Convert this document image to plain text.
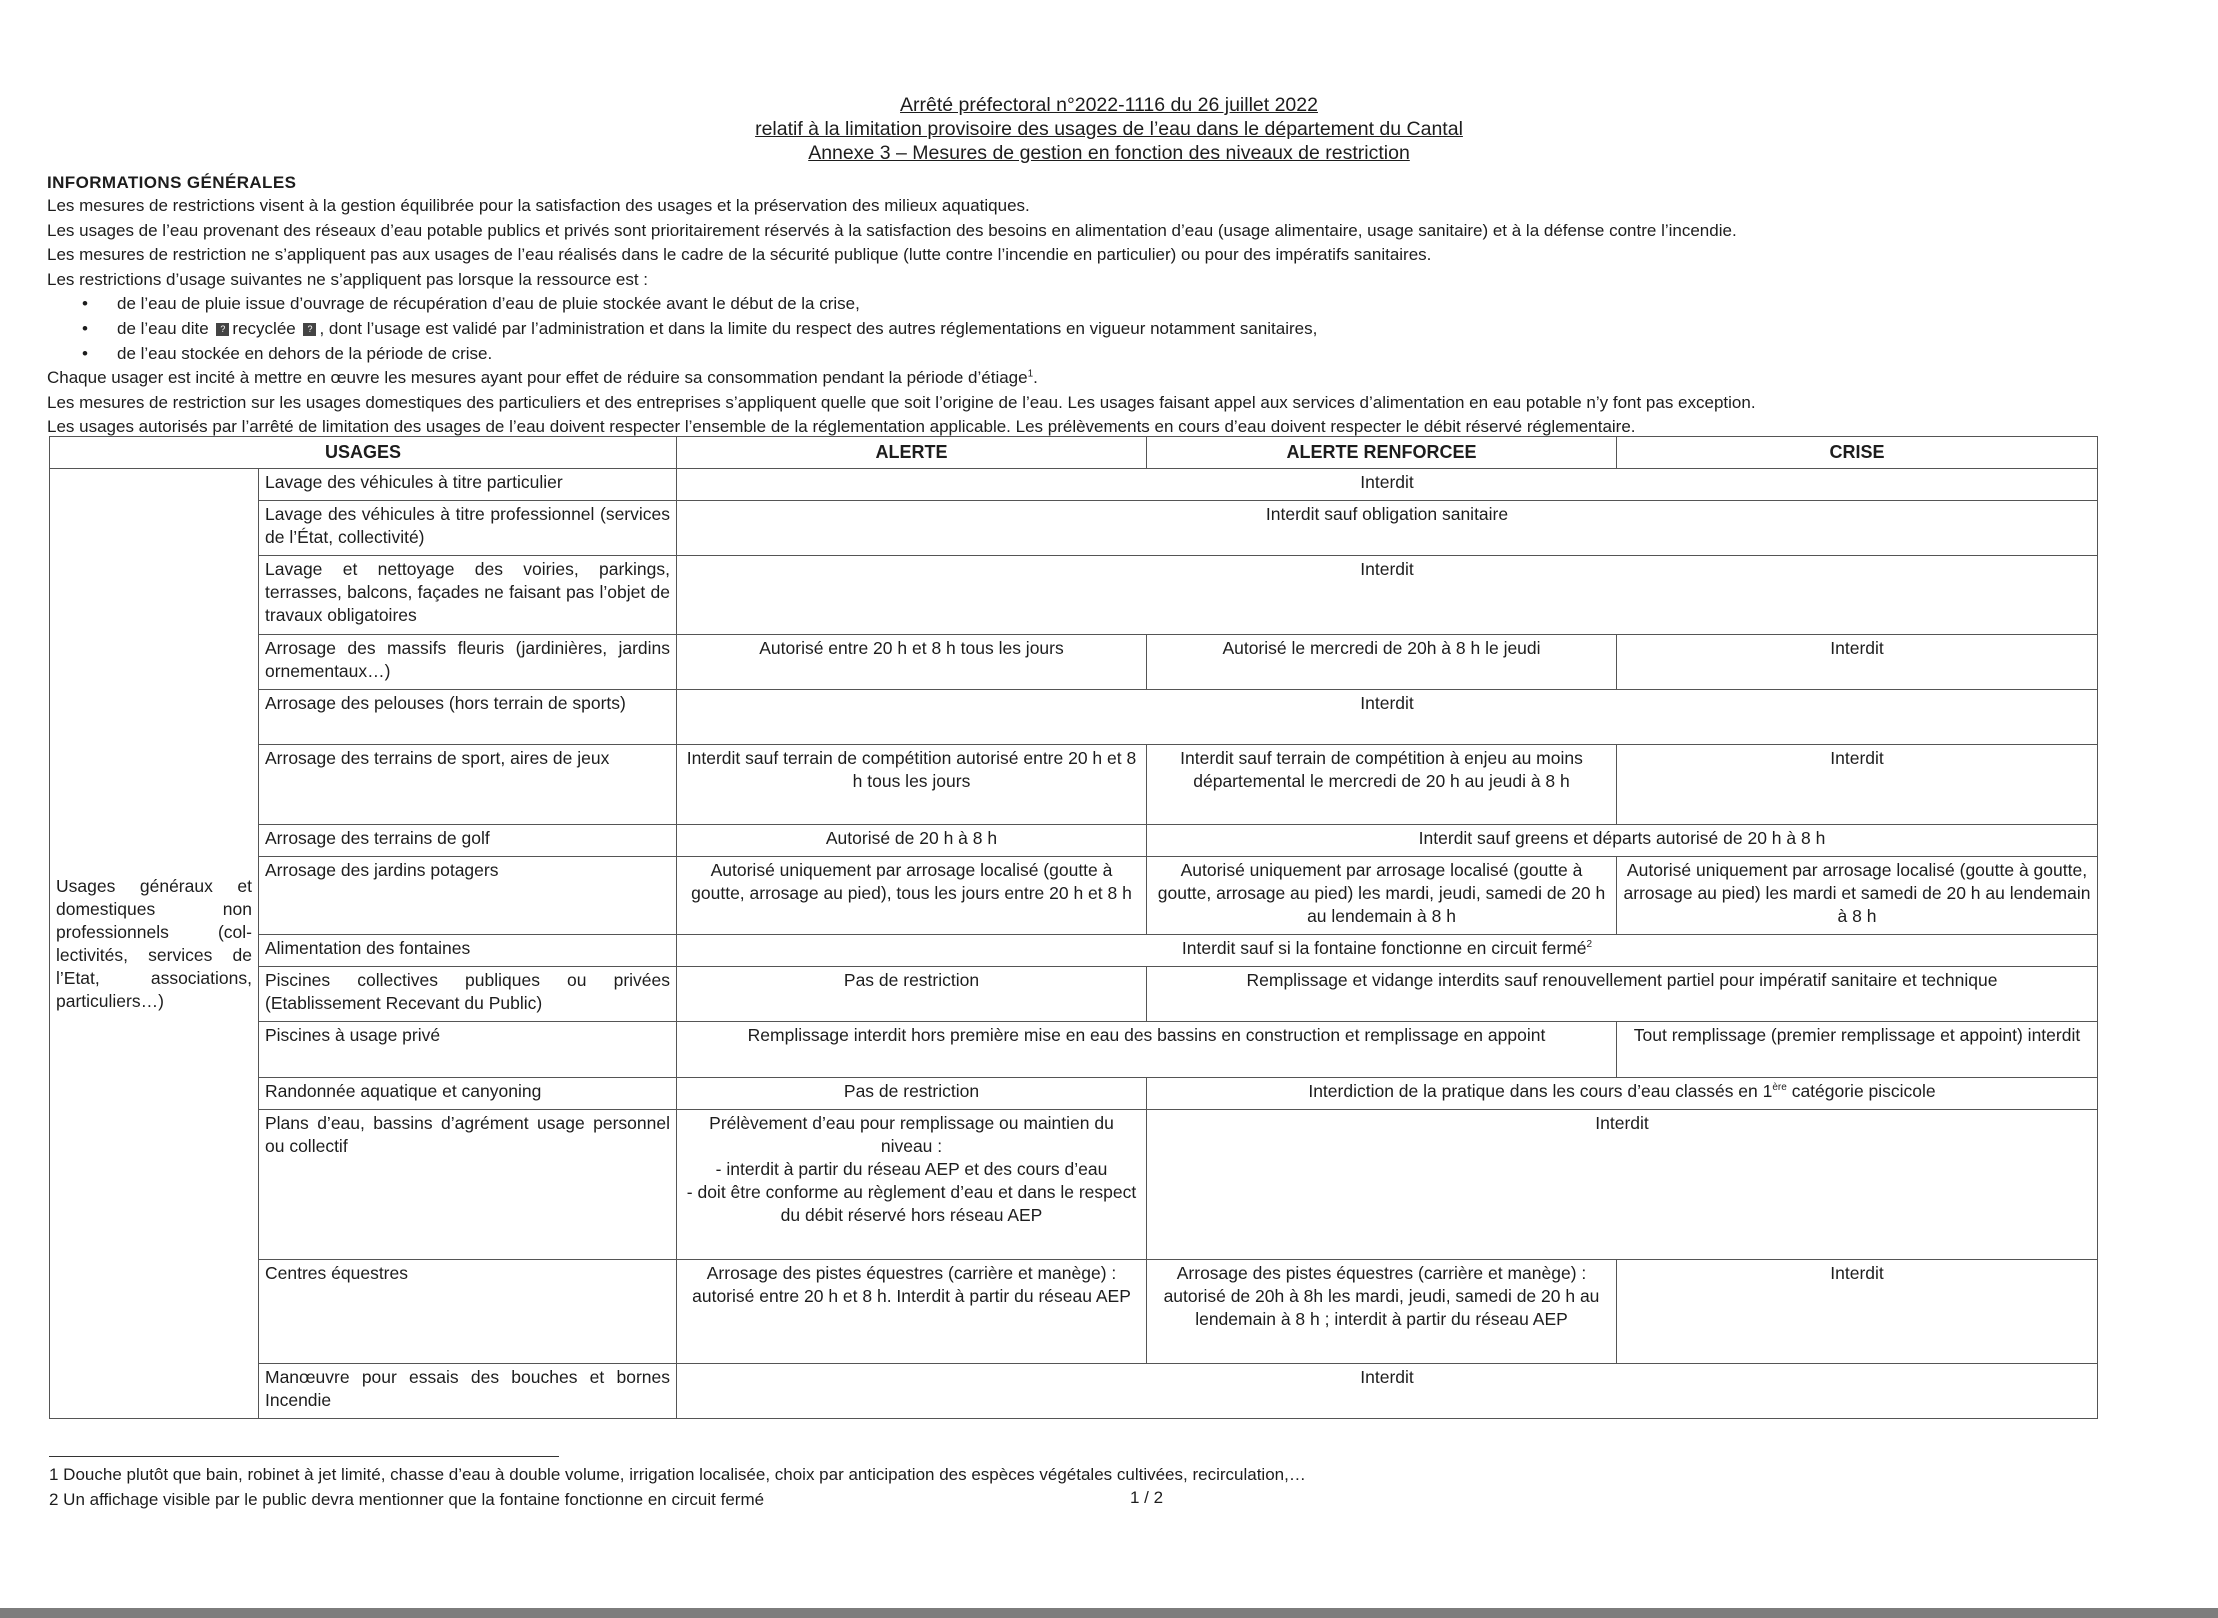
Arrêté préfectoral n°2022-1116 du 26 juillet 2022
relatif à la limitation provisoire des usages de l’eau dans le département du Cantal
Annexe 3 – Mesures de gestion en fonction des niveaux de restriction
INFORMATIONS GÉNÉRALES

Les mesures de restrictions visent à la gestion équilibrée pour la satisfaction des usages et la préservation des milieux aquatiques.

Les usages de l’eau provenant des réseaux d’eau potable publics et privés sont prioritairement réservés à la satisfaction des besoins en alimentation d’eau (usage alimentaire, usage sanitaire) et à la défense contre l’incendie.

Les mesures de restriction ne s’appliquent pas aux usages de l’eau réalisés dans le cadre de la sécurité publique (lutte contre l’incendie en particulier) ou pour des impératifs sanitaires.

Les restrictions d’usage suivantes ne s’appliquent pas lorsque la ressource est :

• de l’eau de pluie issue d’ouvrage de récupération d’eau de pluie stockée avant le début de la crise,
• de l’eau dite ? recyclée ? , dont l’usage est validé par l’administration et dans la limite du respect des autres réglementations en vigueur notamment sanitaires,
• de l’eau stockée en dehors de la période de crise.

Chaque usager est incité à mettre en œuvre les mesures ayant pour effet de réduire sa consommation pendant la période d’étiage$^1$.

Les mesures de restriction sur les usages domestiques des particuliers et des entreprises s’appliquent quelle que soit l’origine de l’eau. Les usages faisant appel aux services d’alimentation en eau potable n’y font pas exception.

Les usages autorisés par l’arrêté de limitation des usages de l’eau doivent respecter l’ensemble de la réglementation applicable. Les prélèvements en cours d’eau doivent respecter le débit réservé réglementaire.

USAGES		ALERTE	ALERTE RENFORCEE	CRISE
Usages généraux et domestiques non professionnels (col-lectivités, services de l’Etat, associations, particuliers…)	Lavage des véhicules à titre particulier	Interdit		
	Lavage des véhicules à titre professionnel (services de l’État, collectivité)	Interdit sauf obligation sanitaire		
	Lavage et nettoyage des voiries, parkings, terrasses, balcons, façades ne faisant pas l’objet de travaux obligatoires	Interdit		
	Arrosage des massifs fleuris (jardinières, jardins ornementaux…)	Autorisé entre 20 h et 8 h tous les jours	Autorisé le mercredi de 20h à 8 h le jeudi	Interdit
	Arrosage des pelouses (hors terrain de sports)	Interdit		
	Arrosage des terrains de sport, aires de jeux	Interdit sauf terrain de compétition autorisé entre 20 h et 8 h tous les jours	Interdit sauf terrain de compétition à enjeu au moins départemental le mercredi de 20 h au jeudi à 8 h	Interdit
	Arrosage des terrains de golf	Autorisé de 20 h à 8 h	Interdit sauf greens et départs autorisé de 20 h à 8 h	
	Arrosage des jardins potagers	Autorisé uniquement par arrosage localisé (goutte à goutte, arrosage au pied), tous les jours entre 20 h et 8 h	Autorisé uniquement par arrosage localisé (goutte à goutte, arrosage au pied) les mardi, jeudi, samedi de 20 h au lendemain à 8 h	Autorisé uniquement par arrosage localisé (goutte à goutte, arrosage au pied) les mardi et samedi de 20 h au lendemain à 8 h
	Alimentation des fontaines	Interdit sauf si la fontaine fonctionne en circuit fermé$^2$
	Piscines collectives publiques ou privées (Etablissement Recevant du Public)	Pas de restriction	Remplissage et vidange interdits sauf renouvellement partiel pour impératif sanitaire et technique	
	Piscines à usage privé	Remplissage interdit hors première mise en eau des bassins en construction et remplissage en appoint		Tout remplissage (premier remplissage et appoint) interdit
	Randonnée aquatique et canyoning	Pas de restriction	Interdiction de la pratique dans les cours d’eau classés en 1ère catégorie piscicole	
	Plans d’eau, bassins d’agrément usage personnel ou collectif	Prélèvement d’eau pour remplissage ou maintien du niveau :
- interdit à partir du réseau AEP et des cours d’eau
- doit être conforme au règlement d’eau et dans le respect du débit réservé hors réseau AEP	Interdit	
	Centres équestres	Arrosage des pistes équestres (carrière et manège) : autorisé entre 20 h et 8 h. Interdit à partir du réseau AEP	Arrosage des pistes équestres (carrière et manège) : autorisé de 20h à 8h les mardi, jeudi, samedi de 20 h au lendemain à 8 h ; interdit à partir du réseau AEP	Interdit
	Manœuvre pour essais des bouches et bornes Incendie	Interdit		

1 Douche plutôt que bain, robinet à jet limité, chasse d’eau à double volume, irrigation localisée, choix par anticipation des espèces végétales cultivées, recirculation,…

2 Un affichage visible par le public devra mentionner que la fontaine fonctionne en circuit fermé	1 / 2
